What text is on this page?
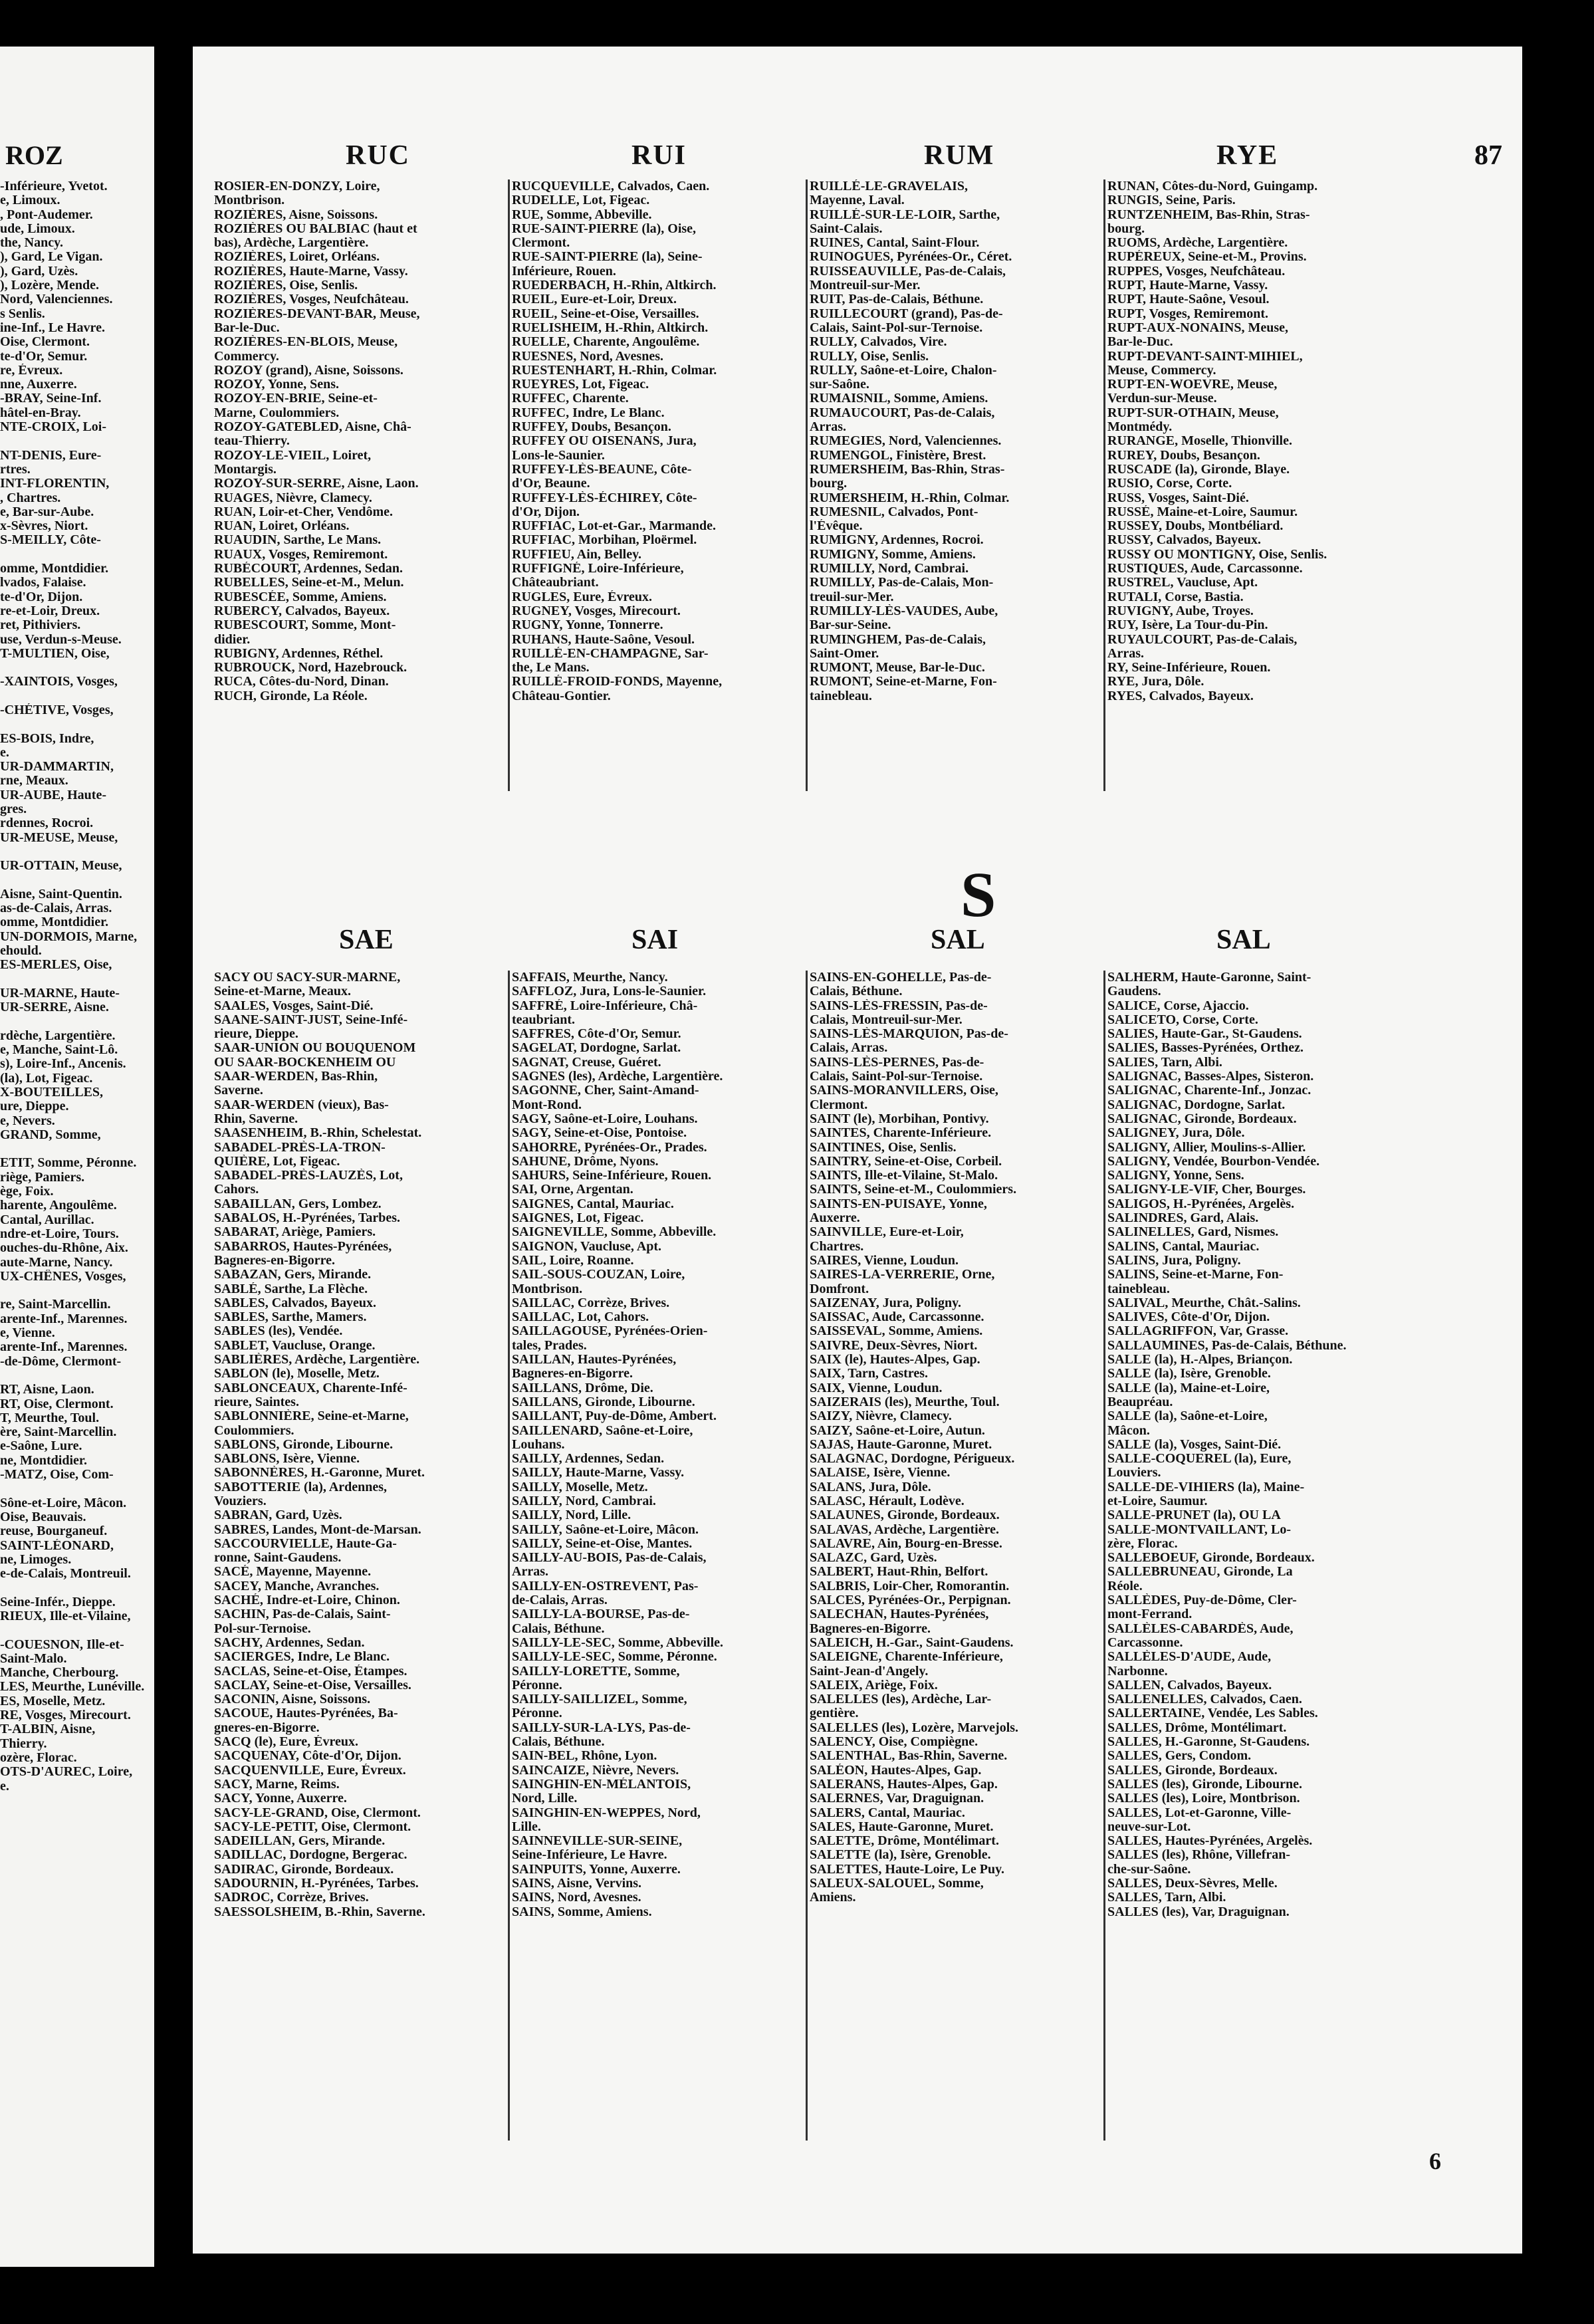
ROZ
-Inférieure, Yvetot.
e, Limoux.
, Pont-Audemer.
ude, Limoux.
the, Nancy.
), Gard, Le Vigan.
), Gard, Uzès.
), Lozère, Mende.
Nord, Valenciennes.
s Senlis.
ine-Inf., Le Havre.
Oise, Clermont.
te-d'Or, Semur.
re, Évreux.
nne, Auxerre.
-BRAY, Seine-Inf.
hâtel-en-Bray.
NTE-CROIX, Loi-

NT-DENIS, Eure-
rtres.
INT-FLORENTIN,
, Chartres.
e, Bar-sur-Aube.
x-Sèvres, Niort.
S-MEILLY, Côte-

omme, Montdidier.
lvados, Falaise.
te-d'Or, Dijon.
re-et-Loir, Dreux.
ret, Pithiviers.
use, Verdun-s-Meuse.
T-MULTIEN, Oise,

-XAINTOIS, Vosges,

-CHÉTIVE, Vosges,

ES-BOIS, Indre,
e.
UR-DAMMARTIN,
rne, Meaux.
UR-AUBE, Haute-
gres.
rdennes, Rocroi.
UR-MEUSE, Meuse,

UR-OTTAIN, Meuse,

Aisne, Saint-Quentin.
as-de-Calais, Arras.
omme, Montdidier.
UN-DORMOIS, Marne,
ehould.
ES-MERLES, Oise,

UR-MARNE, Haute-
UR-SERRE, Aisne.

rdèche, Largentière.
e, Manche, Saint-Lô.
s), Loire-Inf., Ancenis.
(la), Lot, Figeac.
X-BOUTEILLES,
ure, Dieppe.
e, Nevers.
GRAND, Somme,

ETIT, Somme, Péronne.
riège, Pamiers.
ège, Foix.
harente, Angoulême.
Cantal, Aurillac.
ndre-et-Loire, Tours.
ouches-du-Rhône, Aix.
aute-Marne, Nancy.
UX-CHÊNES, Vosges,

re, Saint-Marcellin.
arente-Inf., Marennes.
e, Vienne.
arente-Inf., Marennes.
-de-Dôme, Clermont-

RT, Aisne, Laon.
RT, Oise, Clermont.
T, Meurthe, Toul.
ère, Saint-Marcellin.
e-Saône, Lure.
ne, Montdidier.
-MATZ, Oise, Com-

Sône-et-Loire, Mâcon.
Oise, Beauvais.
reuse, Bourganeuf.
SAINT-LÉONARD,
ne, Limoges.
e-de-Calais, Montreuil.

Seine-Infér., Dieppe.
RIEUX, Ille-et-Vilaine,

-COUESNON, Ille-et-
Saint-Malo.
Manche, Cherbourg.
LES, Meurthe, Lunéville.
ES, Moselle, Metz.
RE, Vosges, Mirecourt.
T-ALBIN, Aisne,
Thierry.
ozère, Florac.
OTS-D'AUREC, Loire,
e.
RUC	RUI	RUM	RYE	87
ROSIER-EN-DONZY, Loire,
Montbrison.
ROZIÈRES, Aisne, Soissons.
ROZIÈRES OU BALBIAC (haut et
bas), Ardèche, Largentière.
ROZIÈRES, Loiret, Orléans.
ROZIÈRES, Haute-Marne, Vassy.
ROZIÈRES, Oise, Senlis.
ROZIÈRES, Vosges, Neufchâteau.
ROZIÈRES-DEVANT-BAR, Meuse,
Bar-le-Duc.
ROZIÈRES-EN-BLOIS, Meuse,
Commercy.
ROZOY (grand), Aisne, Soissons.
ROZOY, Yonne, Sens.
ROZOY-EN-BRIE, Seine-et-
Marne, Coulommiers.
ROZOY-GATEBLED, Aisne, Châ-
teau-Thierry.
ROZOY-LE-VIEIL, Loiret,
Montargis.
ROZOY-SUR-SERRE, Aisne, Laon.
RUAGES, Nièvre, Clamecy.
RUAN, Loir-et-Cher, Vendôme.
RUAN, Loiret, Orléans.
RUAUDIN, Sarthe, Le Mans.
RUAUX, Vosges, Remiremont.
RUBÉCOURT, Ardennes, Sedan.
RUBELLES, Seine-et-M., Melun.
RUBESCÉE, Somme, Amiens.
RUBERCY, Calvados, Bayeux.
RUBESCOURT, Somme, Mont-
didier.
RUBIGNY, Ardennes, Réthel.
RUBROUCK, Nord, Hazebrouck.
RUCA, Côtes-du-Nord, Dinan.
RUCH, Gironde, La Réole.
RUCQUEVILLE, Calvados, Caen.
RUDELLE, Lot, Figeac.
RUE, Somme, Abbeville.
RUE-SAINT-PIERRE (la), Oise,
Clermont.
RUE-SAINT-PIERRE (la), Seine-
Inférieure, Rouen.
RUEDERBACH, H.-Rhin, Altkirch.
RUEIL, Eure-et-Loir, Dreux.
RUEIL, Seine-et-Oise, Versailles.
RUELISHEIM, H.-Rhin, Altkirch.
RUELLE, Charente, Angoulême.
RUESNES, Nord, Avesnes.
RUESTENHART, H.-Rhin, Colmar.
RUEYRES, Lot, Figeac.
RUFFEC, Charente.
RUFFEC, Indre, Le Blanc.
RUFFEY, Doubs, Besançon.
RUFFEY OU OISENANS, Jura,
Lons-le-Saunier.
RUFFEY-LÈS-BEAUNE, Côte-
d'Or, Beaune.
RUFFEY-LÈS-ÉCHIREY, Côte-
d'Or, Dijon.
RUFFIAC, Lot-et-Gar., Marmande.
RUFFIAC, Morbihan, Ploërmel.
RUFFIEU, Ain, Belley.
RUFFIGNÉ, Loire-Inférieure,
Châteaubriant.
RUGLES, Eure, Évreux.
RUGNEY, Vosges, Mirecourt.
RUGNY, Yonne, Tonnerre.
RUHANS, Haute-Saône, Vesoul.
RUILLÉ-EN-CHAMPAGNE, Sar-
the, Le Mans.
RUILLÉ-FROID-FONDS, Mayenne,
Château-Gontier.
RUILLÉ-LE-GRAVELAIS,
Mayenne, Laval.
RUILLÉ-SUR-LE-LOIR, Sarthe,
Saint-Calais.
RUINES, Cantal, Saint-Flour.
RUINOGUES, Pyrénées-Or., Céret.
RUISSEAUVILLE, Pas-de-Calais,
Montreuil-sur-Mer.
RUIT, Pas-de-Calais, Béthune.
RUILLECOURT (grand), Pas-de-
Calais, Saint-Pol-sur-Ternoise.
RULLY, Calvados, Vire.
RULLY, Oise, Senlis.
RULLY, Saône-et-Loire, Chalon-
sur-Saône.
RUMAISNIL, Somme, Amiens.
RUMAUCOURT, Pas-de-Calais,
Arras.
RUMEGIES, Nord, Valenciennes.
RUMENGOL, Finistère, Brest.
RUMERSHEIM, Bas-Rhin, Stras-
bourg.
RUMERSHEIM, H.-Rhin, Colmar.
RUMESNIL, Calvados, Pont-
l'Évêque.
RUMIGNY, Ardennes, Rocroi.
RUMIGNY, Somme, Amiens.
RUMILLY, Nord, Cambrai.
RUMILLY, Pas-de-Calais, Mon-
treuil-sur-Mer.
RUMILLY-LÈS-VAUDES, Aube,
Bar-sur-Seine.
RUMINGHEM, Pas-de-Calais,
Saint-Omer.
RUMONT, Meuse, Bar-le-Duc.
RUMONT, Seine-et-Marne, Fon-
tainebleau.
RUNAN, Côtes-du-Nord, Guingamp.
RUNGIS, Seine, Paris.
RUNTZENHEIM, Bas-Rhin, Stras-
bourg.
RUOMS, Ardèche, Largentière.
RUPÉREUX, Seine-et-M., Provins.
RUPPES, Vosges, Neufchâteau.
RUPT, Haute-Marne, Vassy.
RUPT, Haute-Saône, Vesoul.
RUPT, Vosges, Remiremont.
RUPT-AUX-NONAINS, Meuse,
Bar-le-Duc.
RUPT-DEVANT-SAINT-MIHIEL,
Meuse, Commercy.
RUPT-EN-WOEVRE, Meuse,
Verdun-sur-Meuse.
RUPT-SUR-OTHAIN, Meuse,
Montmédy.
RURANGE, Moselle, Thionville.
RUREY, Doubs, Besançon.
RUSCADE (la), Gironde, Blaye.
RUSIO, Corse, Corte.
RUSS, Vosges, Saint-Dié.
RUSSÉ, Maine-et-Loire, Saumur.
RUSSEY, Doubs, Montbéliard.
RUSSY, Calvados, Bayeux.
RUSSY OU MONTIGNY, Oise, Senlis.
RUSTIQUES, Aude, Carcassonne.
RUSTREL, Vaucluse, Apt.
RUTALI, Corse, Bastia.
RUVIGNY, Aube, Troyes.
RUY, Isère, La Tour-du-Pin.
RUYAULCOURT, Pas-de-Calais,
Arras.
RY, Seine-Inférieure, Rouen.
RYE, Jura, Dôle.
RYES, Calvados, Bayeux.
S
SAE	SAI	SAL	SAL
SACY OU SACY-SUR-MARNE,
Seine-et-Marne, Meaux.
SAALES, Vosges, Saint-Dié.
SAANE-SAINT-JUST, Seine-Infé-
rieure, Dieppe.
SAAR-UNION OU BOUQUENOM
OU SAAR-BOCKENHEIM OU
SAAR-WERDEN, Bas-Rhin,
Saverne.
SAAR-WERDEN (vieux), Bas-
Rhin, Saverne.
SAASENHEIM, B.-Rhin, Schelestat.
SABADEL-PRÈS-LA-TRON-
QUIÈRE, Lot, Figeac.
SABADEL-PRÈS-LAUZÈS, Lot,
Cahors.
SABAILLAN, Gers, Lombez.
SABALOS, H.-Pyrénées, Tarbes.
SABARAT, Ariège, Pamiers.
SABARROS, Hautes-Pyrénées,
Bagneres-en-Bigorre.
SABAZAN, Gers, Mirande.
SABLÉ, Sarthe, La Flèche.
SABLES, Calvados, Bayeux.
SABLES, Sarthe, Mamers.
SABLES (les), Vendée.
SABLET, Vaucluse, Orange.
SABLIÈRES, Ardèche, Largentière.
SABLON (le), Moselle, Metz.
SABLONCEAUX, Charente-Infé-
rieure, Saintes.
SABLONNIÈRE, Seine-et-Marne,
Coulommiers.
SABLONS, Gironde, Libourne.
SABLONS, Isère, Vienne.
SABONNÈRES, H.-Garonne, Muret.
SABOTTERIE (la), Ardennes,
Vouziers.
SABRAN, Gard, Uzès.
SABRES, Landes, Mont-de-Marsan.
SACCOURVIELLE, Haute-Ga-
ronne, Saint-Gaudens.
SACÉ, Mayenne, Mayenne.
SACEY, Manche, Avranches.
SACHÉ, Indre-et-Loire, Chinon.
SACHIN, Pas-de-Calais, Saint-
Pol-sur-Ternoise.
SACHY, Ardennes, Sedan.
SACIERGES, Indre, Le Blanc.
SACLAS, Seine-et-Oise, Étampes.
SACLAY, Seine-et-Oise, Versailles.
SACONIN, Aisne, Soissons.
SACOUE, Hautes-Pyrénées, Ba-
gneres-en-Bigorre.
SACQ (le), Eure, Évreux.
SACQUENAY, Côte-d'Or, Dijon.
SACQUENVILLE, Eure, Évreux.
SACY, Marne, Reims.
SACY, Yonne, Auxerre.
SACY-LE-GRAND, Oise, Clermont.
SACY-LE-PETIT, Oise, Clermont.
SADEILLAN, Gers, Mirande.
SADILLAC, Dordogne, Bergerac.
SADIRAC, Gironde, Bordeaux.
SADOURNIN, H.-Pyrénées, Tarbes.
SADROC, Corrèze, Brives.
SAESSOLSHEIM, B.-Rhin, Saverne.
SAFFAIS, Meurthe, Nancy.
SAFFLOZ, Jura, Lons-le-Saunier.
SAFFRÉ, Loire-Inférieure, Châ-
teaubriant.
SAFFRES, Côte-d'Or, Semur.
SAGELAT, Dordogne, Sarlat.
SAGNAT, Creuse, Guéret.
SAGNES (les), Ardèche, Largentière.
SAGONNE, Cher, Saint-Amand-
Mont-Rond.
SAGY, Saône-et-Loire, Louhans.
SAGY, Seine-et-Oise, Pontoise.
SAHORRE, Pyrénées-Or., Prades.
SAHUNE, Drôme, Nyons.
SAHURS, Seine-Inférieure, Rouen.
SAI, Orne, Argentan.
SAIGNES, Cantal, Mauriac.
SAIGNES, Lot, Figeac.
SAIGNEVILLE, Somme, Abbeville.
SAIGNON, Vaucluse, Apt.
SAIL, Loire, Roanne.
SAIL-SOUS-COUZAN, Loire,
Montbrison.
SAILLAC, Corrèze, Brives.
SAILLAC, Lot, Cahors.
SAILLAGOUSE, Pyrénées-Orien-
tales, Prades.
SAILLAN, Hautes-Pyrénées,
Bagneres-en-Bigorre.
SAILLANS, Drôme, Die.
SAILLANS, Gironde, Libourne.
SAILLANT, Puy-de-Dôme, Ambert.
SAILLENARD, Saône-et-Loire,
Louhans.
SAILLY, Ardennes, Sedan.
SAILLY, Haute-Marne, Vassy.
SAILLY, Moselle, Metz.
SAILLY, Nord, Cambrai.
SAILLY, Nord, Lille.
SAILLY, Saône-et-Loire, Mâcon.
SAILLY, Seine-et-Oise, Mantes.
SAILLY-AU-BOIS, Pas-de-Calais,
Arras.
SAILLY-EN-OSTREVENT, Pas-
de-Calais, Arras.
SAILLY-LA-BOURSE, Pas-de-
Calais, Béthune.
SAILLY-LE-SEC, Somme, Abbeville.
SAILLY-LE-SEC, Somme, Péronne.
SAILLY-LORETTE, Somme,
Péronne.
SAILLY-SAILLIZEL, Somme,
Péronne.
SAILLY-SUR-LA-LYS, Pas-de-
Calais, Béthune.
SAIN-BEL, Rhône, Lyon.
SAINCAIZE, Nièvre, Nevers.
SAINGHIN-EN-MÉLANTOIS,
Nord, Lille.
SAINGHIN-EN-WEPPES, Nord,
Lille.
SAINNEVILLE-SUR-SEINE,
Seine-Inférieure, Le Havre.
SAINPUITS, Yonne, Auxerre.
SAINS, Aisne, Vervins.
SAINS, Nord, Avesnes.
SAINS, Somme, Amiens.
SAINS-EN-GOHELLE, Pas-de-
Calais, Béthune.
SAINS-LÈS-FRESSIN, Pas-de-
Calais, Montreuil-sur-Mer.
SAINS-LÈS-MARQUION, Pas-de-
Calais, Arras.
SAINS-LÈS-PERNES, Pas-de-
Calais, Saint-Pol-sur-Ternoise.
SAINS-MORANVILLERS, Oise,
Clermont.
SAINT (le), Morbihan, Pontivy.
SAINTES, Charente-Inférieure.
SAINTINES, Oise, Senlis.
SAINTRY, Seine-et-Oise, Corbeil.
SAINTS, Ille-et-Vilaine, St-Malo.
SAINTS, Seine-et-M., Coulommiers.
SAINTS-EN-PUISAYE, Yonne,
Auxerre.
SAINVILLE, Eure-et-Loir,
Chartres.
SAIRES, Vienne, Loudun.
SAIRES-LA-VERRERIE, Orne,
Domfront.
SAIZENAY, Jura, Poligny.
SAISSAC, Aude, Carcassonne.
SAISSEVAL, Somme, Amiens.
SAIVRE, Deux-Sèvres, Niort.
SAIX (le), Hautes-Alpes, Gap.
SAIX, Tarn, Castres.
SAIX, Vienne, Loudun.
SAIZERAIS (les), Meurthe, Toul.
SAIZY, Nièvre, Clamecy.
SAIZY, Saône-et-Loire, Autun.
SAJAS, Haute-Garonne, Muret.
SALAGNAC, Dordogne, Périgueux.
SALAISE, Isère, Vienne.
SALANS, Jura, Dôle.
SALASC, Hérault, Lodève.
SALAUNES, Gironde, Bordeaux.
SALAVAS, Ardèche, Largentière.
SALAVRE, Ain, Bourg-en-Bresse.
SALAZC, Gard, Uzès.
SALBERT, Haut-Rhin, Belfort.
SALBRIS, Loir-Cher, Romorantin.
SALCES, Pyrénées-Or., Perpignan.
SALECHAN, Hautes-Pyrénées,
Bagneres-en-Bigorre.
SALEICH, H.-Gar., Saint-Gaudens.
SALEIGNE, Charente-Inférieure,
Saint-Jean-d'Angely.
SALEIX, Ariège, Foix.
SALELLES (les), Ardèche, Lar-
gentière.
SALELLES (les), Lozère, Marvejols.
SALENCY, Oise, Compiègne.
SALENTHAL, Bas-Rhin, Saverne.
SALÉON, Hautes-Alpes, Gap.
SALERANS, Hautes-Alpes, Gap.
SALERNES, Var, Draguignan.
SALERS, Cantal, Mauriac.
SALES, Haute-Garonne, Muret.
SALETTE, Drôme, Montélimart.
SALETTE (la), Isère, Grenoble.
SALETTES, Haute-Loire, Le Puy.
SALEUX-SALOUEL, Somme,
Amiens.
SALHERM, Haute-Garonne, Saint-
Gaudens.
SALICE, Corse, Ajaccio.
SALICETO, Corse, Corte.
SALIES, Haute-Gar., St-Gaudens.
SALIES, Basses-Pyrénées, Orthez.
SALIES, Tarn, Albi.
SALIGNAC, Basses-Alpes, Sisteron.
SALIGNAC, Charente-Inf., Jonzac.
SALIGNAC, Dordogne, Sarlat.
SALIGNAC, Gironde, Bordeaux.
SALIGNEY, Jura, Dôle.
SALIGNY, Allier, Moulins-s-Allier.
SALIGNY, Vendée, Bourbon-Vendée.
SALIGNY, Yonne, Sens.
SALIGNY-LE-VIF, Cher, Bourges.
SALIGOS, H.-Pyrénées, Argelès.
SALINDRES, Gard, Alais.
SALINELLES, Gard, Nismes.
SALINS, Cantal, Mauriac.
SALINS, Jura, Poligny.
SALINS, Seine-et-Marne, Fon-
tainebleau.
SALIVAL, Meurthe, Chât.-Salins.
SALIVES, Côte-d'Or, Dijon.
SALLAGRIFFON, Var, Grasse.
SALLAUMINES, Pas-de-Calais, Béthune.
SALLE (la), H.-Alpes, Briançon.
SALLE (la), Isère, Grenoble.
SALLE (la), Maine-et-Loire,
Beaupréau.
SALLE (la), Saône-et-Loire,
Mâcon.
SALLE (la), Vosges, Saint-Dié.
SALLE-COQUEREL (la), Eure,
Louviers.
SALLE-DE-VIHIERS (la), Maine-
et-Loire, Saumur.
SALLE-PRUNET (la), OU LA
SALLE-MONTVAILLANT, Lo-
zère, Florac.
SALLEBOEUF, Gironde, Bordeaux.
SALLEBRUNEAU, Gironde, La
Réole.
SALLÈDES, Puy-de-Dôme, Cler-
mont-Ferrand.
SALLÈLES-CABARDÈS, Aude,
Carcassonne.
SALLÈLES-D'AUDE, Aude,
Narbonne.
SALLEN, Calvados, Bayeux.
SALLENELLES, Calvados, Caen.
SALLERTAINE, Vendée, Les Sables.
SALLES, Drôme, Montélimart.
SALLES, H.-Garonne, St-Gaudens.
SALLES, Gers, Condom.
SALLES, Gironde, Bordeaux.
SALLES (les), Gironde, Libourne.
SALLES (les), Loire, Montbrison.
SALLES, Lot-et-Garonne, Ville-
neuve-sur-Lot.
SALLES, Hautes-Pyrénées, Argelès.
SALLES (les), Rhône, Villefran-
che-sur-Saône.
SALLES, Deux-Sèvres, Melle.
SALLES, Tarn, Albi.
SALLES (les), Var, Draguignan.
6
